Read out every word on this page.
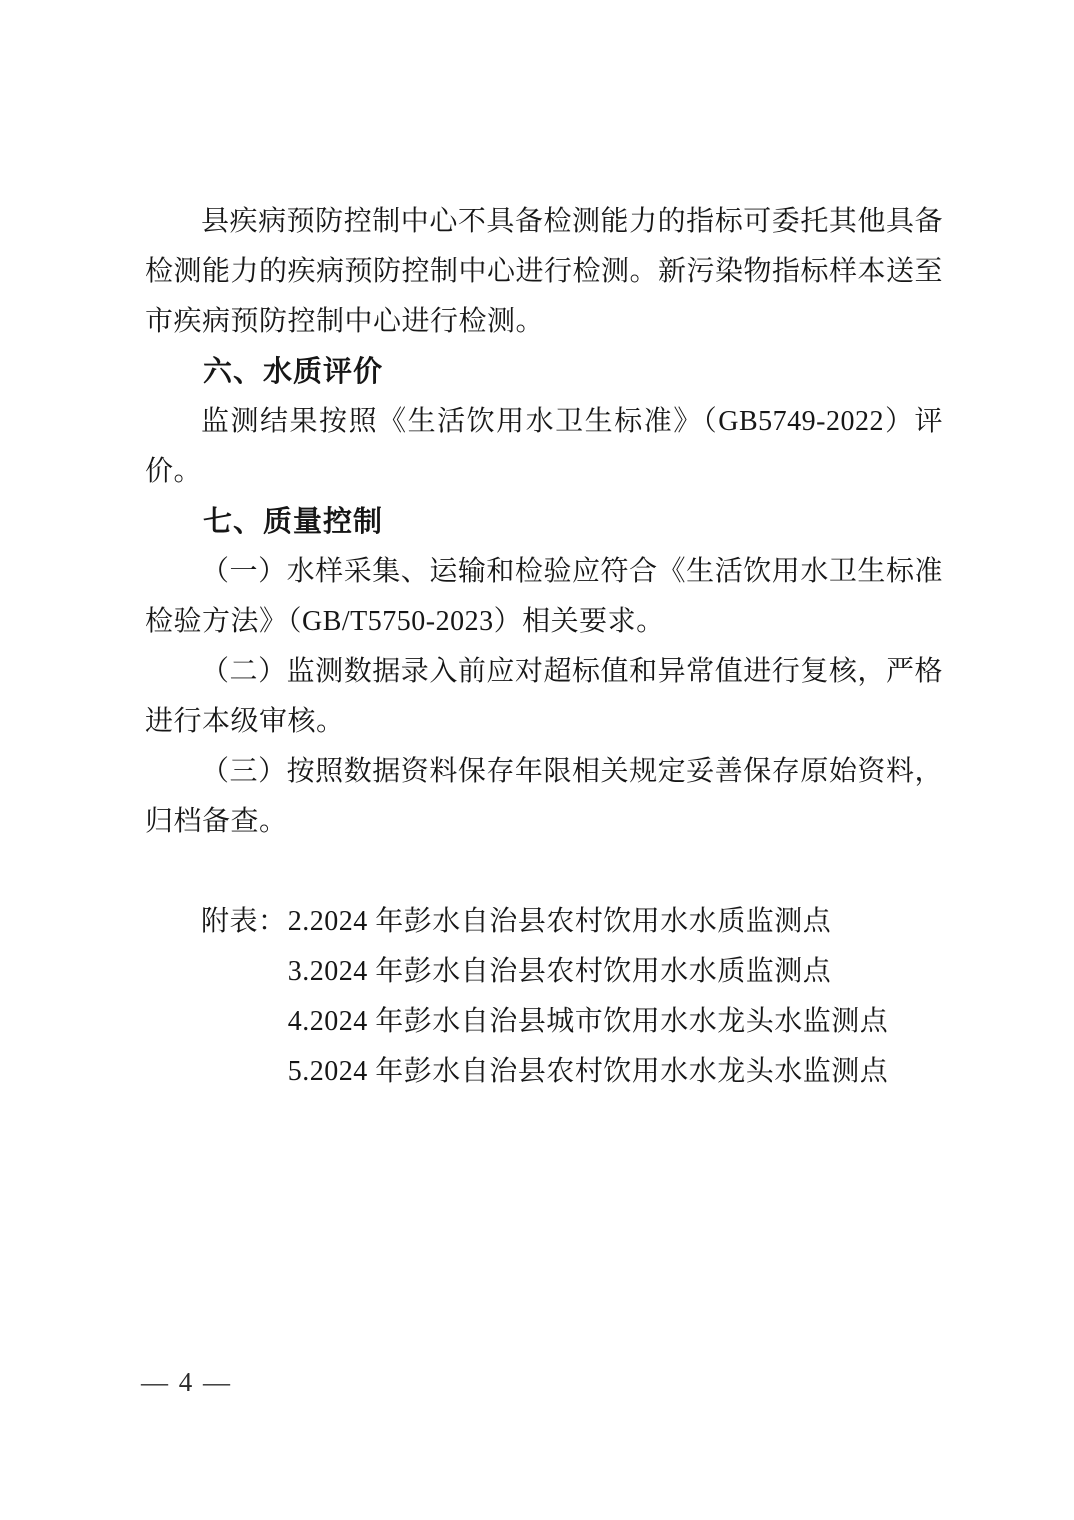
县疾病预防控制中心不具备检测能力的指标可委托其他具备检测能力的疾病预防控制中心进行检测。新污染物指标样本送至市疾病预防控制中心进行检测。

六、水质评价

监测结果按照《生活饮用水卫生标准》（GB5749-2022）评价。

七、质量控制

（一）水样采集、运输和检验应符合《生活饮用水卫生标准检验方法》（GB/T5750-2023）相关要求。

（二）监测数据录入前应对超标值和异常值进行复核，严格进行本级审核。

（三）按照数据资料保存年限相关规定妥善保存原始资料，归档备查。

附表： 2.2024 年彭水自治县农村饮用水水质监测点
3.2024 年彭水自治县农村饮用水水质监测点
4.2024 年彭水自治县城市饮用水水龙头水监测点
5.2024 年彭水自治县农村饮用水水龙头水监测点
— 4 —
